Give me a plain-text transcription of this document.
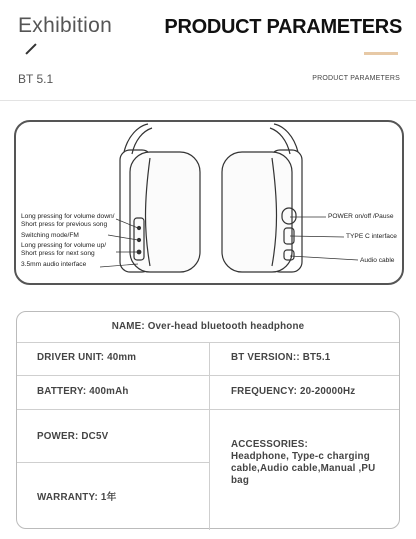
Exhibition
BT 5.1
PRODUCT PARAMETERS
PRODUCT PARAMETERS
Long pressing for volume down/
Short press for previous song
Switching mode/FM
Long pressing for volume up/
Short press for next song
3.5mm audio interface
POWER on/off /Pause
TYPE C interface
Audio cable
NAME: Over-head bluetooth headphone
DRIVER UNIT: 40mm	BT VERSION:: BT5.1
BATTERY: 400mAh	FREQUENCY: 20-20000Hz
POWER: DC5V
ACCESSORIES:
Headphone, Type-c charging cable,Audio cable,Manual ,PU bag
WARRANTY: 1年
